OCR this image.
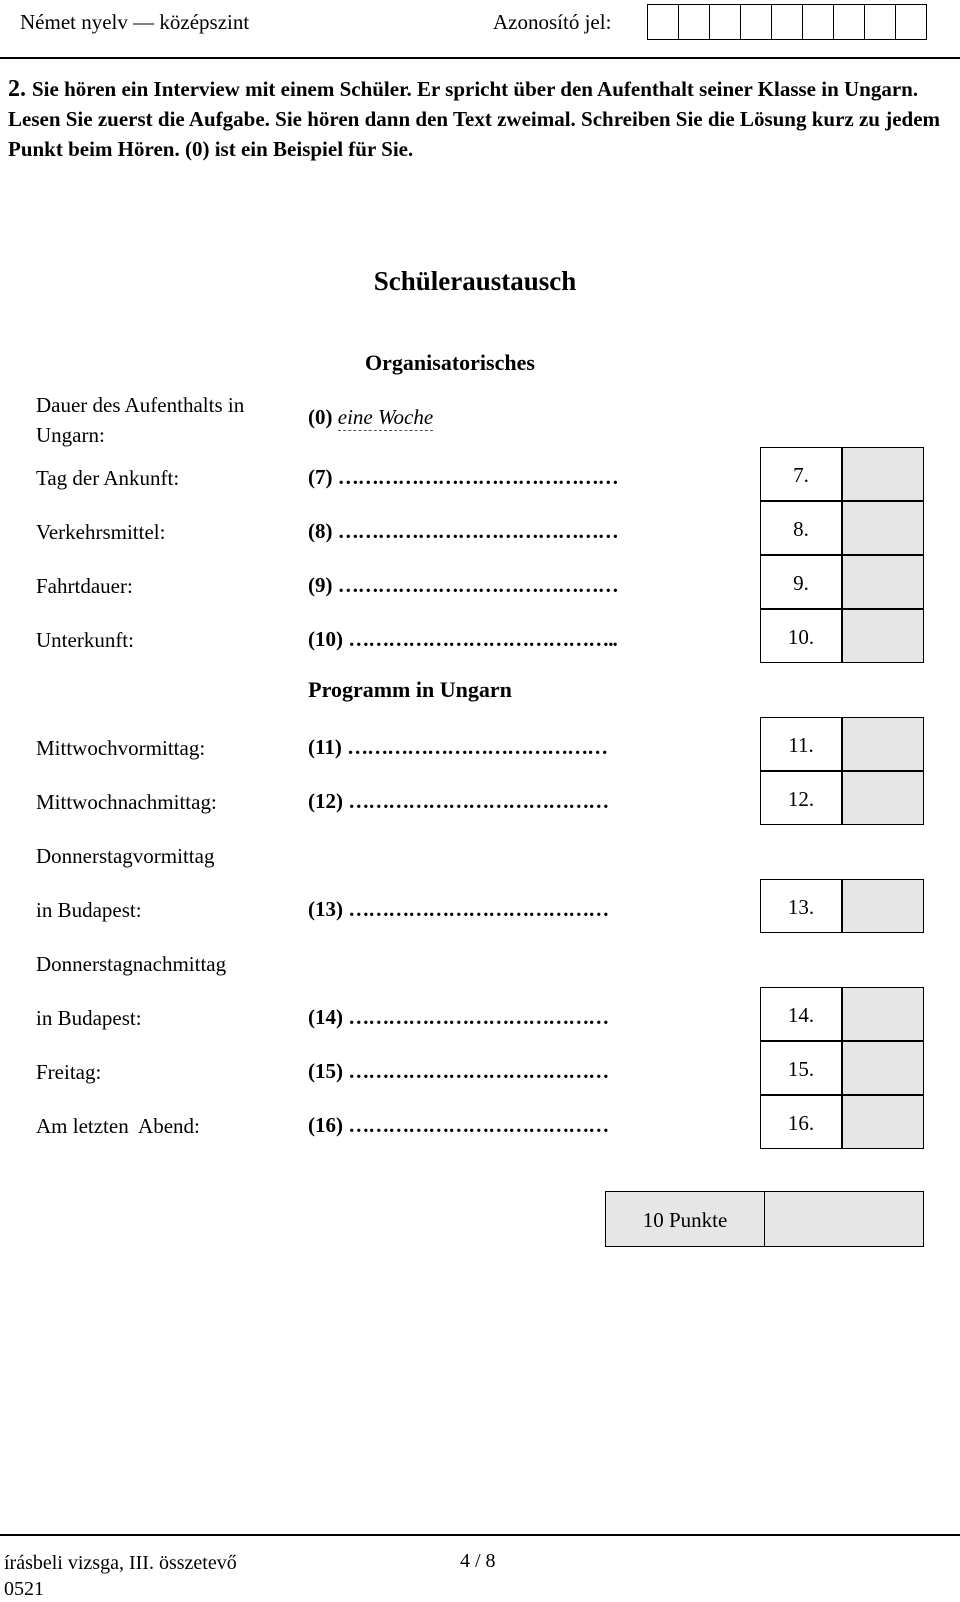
Német nyelv — középszint	Azonosító jel:
2. Sie hören ein Interview mit einem Schüler. Er spricht über den Aufenthalt seiner Klasse in Ungarn. Lesen Sie zuerst die Aufgabe. Sie hören dann den Text zweimal. Schreiben Sie die Lösung kurz zu jedem Punkt beim Hören. (0) ist ein Beispiel für Sie.
Schüleraustausch
Organisatorisches
Dauer des Aufenthalts in
Ungarn:
(0) eine Woche
Tag der Ankunft:	(7) ……………………………………	7.
Verkehrsmittel:	(8) ……………………………………	8.
Fahrtdauer:	(9) ……………………………………	9.
Unterkunft:	(10) …………………………………..	10.
Programm in Ungarn
Mittwochvormittag:	(11) …………………………………	11.
Mittwochnachmittag:	(12) …………………………………	12.
Donnerstagvormittag
in Budapest:	(13) …………………………………	13.
Donnerstagnachmittag
in Budapest:	(14) …………………………………	14.
Freitag:	(15) …………………………………	15.
Am letzten  Abend:	(16) …………………………………	16.
10 Punkte
írásbeli vizsga, III. összetevő
0521
4 / 8
